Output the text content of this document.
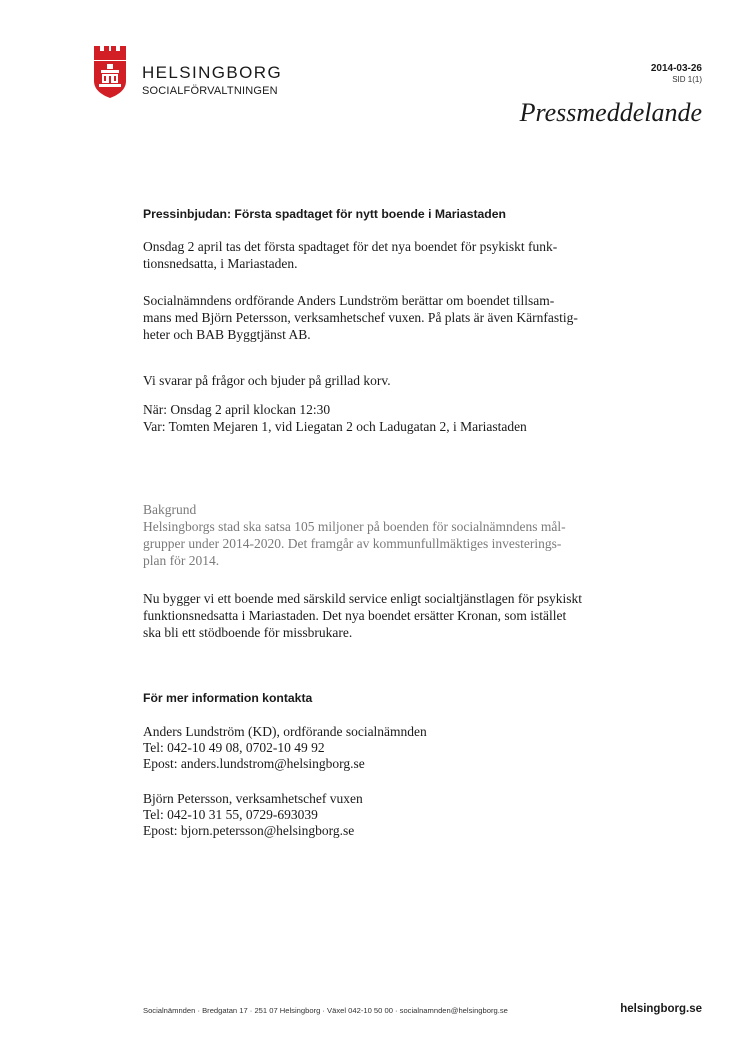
HELSINGBORG
SOCIALFÖRVALTNINGEN
2014-03-26
SID 1(1)
Pressmeddelande
Pressinbjudan: Första spadtaget för nytt boende i Mariastaden

Onsdag 2 april tas det första spadtaget för det nya boendet för psykiskt funk-

tionsnedsatta, i Mariastaden.

Socialnämndens ordförande Anders Lundström berättar om boendet tillsam-

mans med Björn Petersson, verksamhetschef vuxen. På plats är även Kärnfastig-

heter och BAB Byggtjänst AB.

Vi svarar på frågor och bjuder på grillad korv.

När: Onsdag 2 april klockan 12:30

Var: Tomten Mejaren 1, vid Liegatan 2 och Ladugatan 2, i Mariastaden

Bakgrund

Helsingborgs stad ska satsa 105 miljoner på boenden för socialnämndens mål-

grupper under 2014-2020. Det framgår av kommunfullmäktiges investerings-

plan för 2014.

Nu bygger vi ett boende med särskild service enligt socialtjänstlagen för psykiskt

funktionsnedsatta i Mariastaden. Det nya boendet ersätter Kronan, som istället

ska bli ett stödboende för missbrukare.

För mer information kontakta

Anders Lundström (KD), ordförande socialnämnden

Tel: 042-10 49 08, 0702-10 49 92

Epost: anders.lundstrom@helsingborg.se

Björn Petersson, verksamhetschef vuxen

Tel: 042-10 31 55, 0729-693039

Epost: bjorn.petersson@helsingborg.se

Socialnämnden · Bredgatan 17 · 251 07 Helsingborg · Växel 042-10 50 00 · socialnamnden@helsingborg.se	helsingborg.se
